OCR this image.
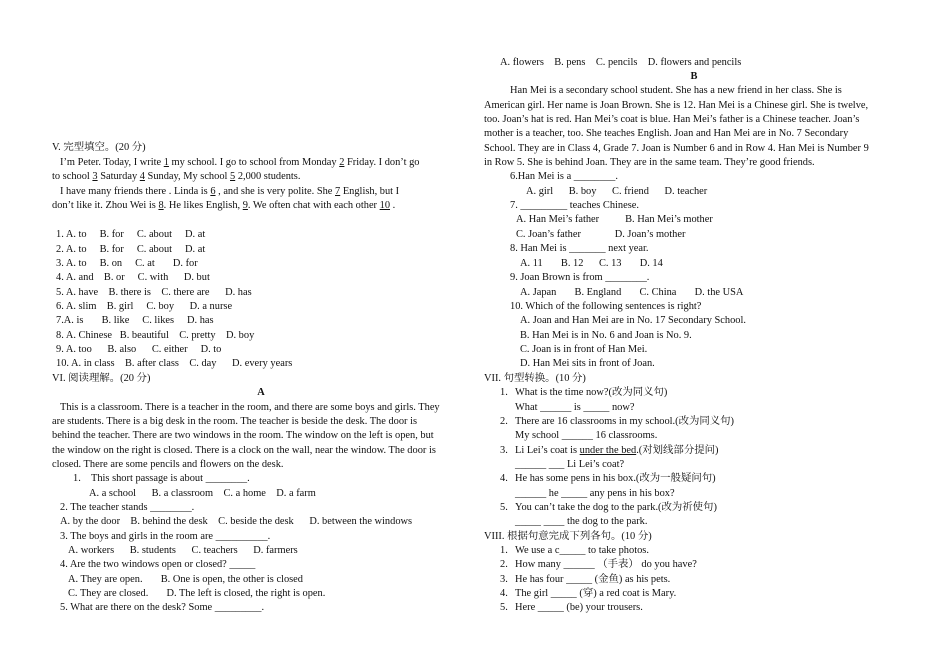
V. 完型填空。(20 分)
I’m Peter. Today, I write 1 my school. I go to school from Monday 2 Friday. I don’t go
to school 3 Saturday 4 Sunday, My school 5 2,000 students.
I have many friends there . Linda is 6 , and she is very polite. She 7 English, but I
don’t like it. Zhou Wei is 8. He likes English, 9. We often chat with each other 10 .
1. A. to     B. for     C. about     D. at
2. A. to     B. for     C. about     D. at
3. A. to     B. on     C. at       D. for
4. A. and    B. or     C. with      D. but
5. A. have    B. there is    C. there are      D. has
6. A. slim    B. girl     C. boy      D. a nurse
7.A. is       B. like     C. likes     D. has
8. A. Chinese   B. beautiful    C. pretty    D. boy
9. A. too      B. also      C. either     D. to
10. A. in class    B. after class    C. day      D. every years
VI. 阅读理解。(20 分)
A
This is a classroom. There is a teacher in the room, and there are some boys and girls. They
are students. There is a big desk in the room. The teacher is beside the desk. The door is
behind the teacher. There are two windows in the room. The window on the left is open, but
the window on the right is closed. There is a clock on the wall, near the window. The door is
closed. There are some pencils and flowers on the desk.
1.    This short passage is about ________.
A. a school      B. a classroom    C. a home    D. a farm
2. The teacher stands ________.
A. by the door    B. behind the desk    C. beside the desk      D. between the windows
3. The boys and girls in the room are __________.
A. workers      B. students      C. teachers      D. farmers
4. Are the two windows open or closed? _____
A. They are open.       B. One is open, the other is closed
C. They are closed.       D. The left is closed, the right is open.
5. What are there on the desk? Some _________.
A. flowers    B. pens    C. pencils    D. flowers and pencils
B
Han Mei is a secondary school student. She has a new friend in her class. She is
American girl. Her name is Joan Brown. She is 12. Han Mei is a Chinese girl. She is twelve,
too. Joan’s hat is red. Han Mei’s coat is blue. Han Mei’s father is a Chinese teacher. Joan’s
mother is a teacher, too. She teaches English. Joan and Han Mei are in No. 7 Secondary
School. They are in Class 4, Grade 7. Joan is Number 6 and in Row 4. Han Mei is Number 9
in Row 5. She is behind Joan. They are in the same team. They’re good friends.
6.Han Mei is a ________.
A. girl      B. boy      C. friend      D. teacher
7. _________ teaches Chinese.
A. Han Mei’s father          B. Han Mei’s mother
C. Joan’s father             D. Joan’s mother
8. Han Mei is _______ next year.
A. 11       B. 12      C. 13       D. 14
9. Joan Brown is from ________.
A. Japan       B. England       C. China       D. the USA
10. Which of the following sentences is right?
A. Joan and Han Mei are in No. 17 Secondary School.
B. Han Mei is in No. 6 and Joan is No. 9.
C. Joan is in front of Han Mei.
D. Han Mei sits in front of Joan.
VII. 句型转换。(10 分)
1. What is the time now?(改为同义句)
What ______ is _____ now?
2. There are 16 classrooms in my school.(改为同义句)
My school ______ 16 classrooms.
3. Li Lei’s coat is under the bed.(对划线部分提问)
______ ___ Li Lei’s coat?
4. He has some pens in his box.(改为一般疑问句)
______ he _____ any pens in his box?
5. You can’t take the dog to the park.(改为祈使句)
_____ ____ the dog to the park.
VIII. 根据句意完成下列各句。(10 分)
1. We use a c_____ to take photos.
2. How many ______ （手表） do you have?
3. He has four _____ (金鱼) as his pets.
4. The girl _____ (穿) a red coat is Mary.
5. Here _____ (be) your trousers.
